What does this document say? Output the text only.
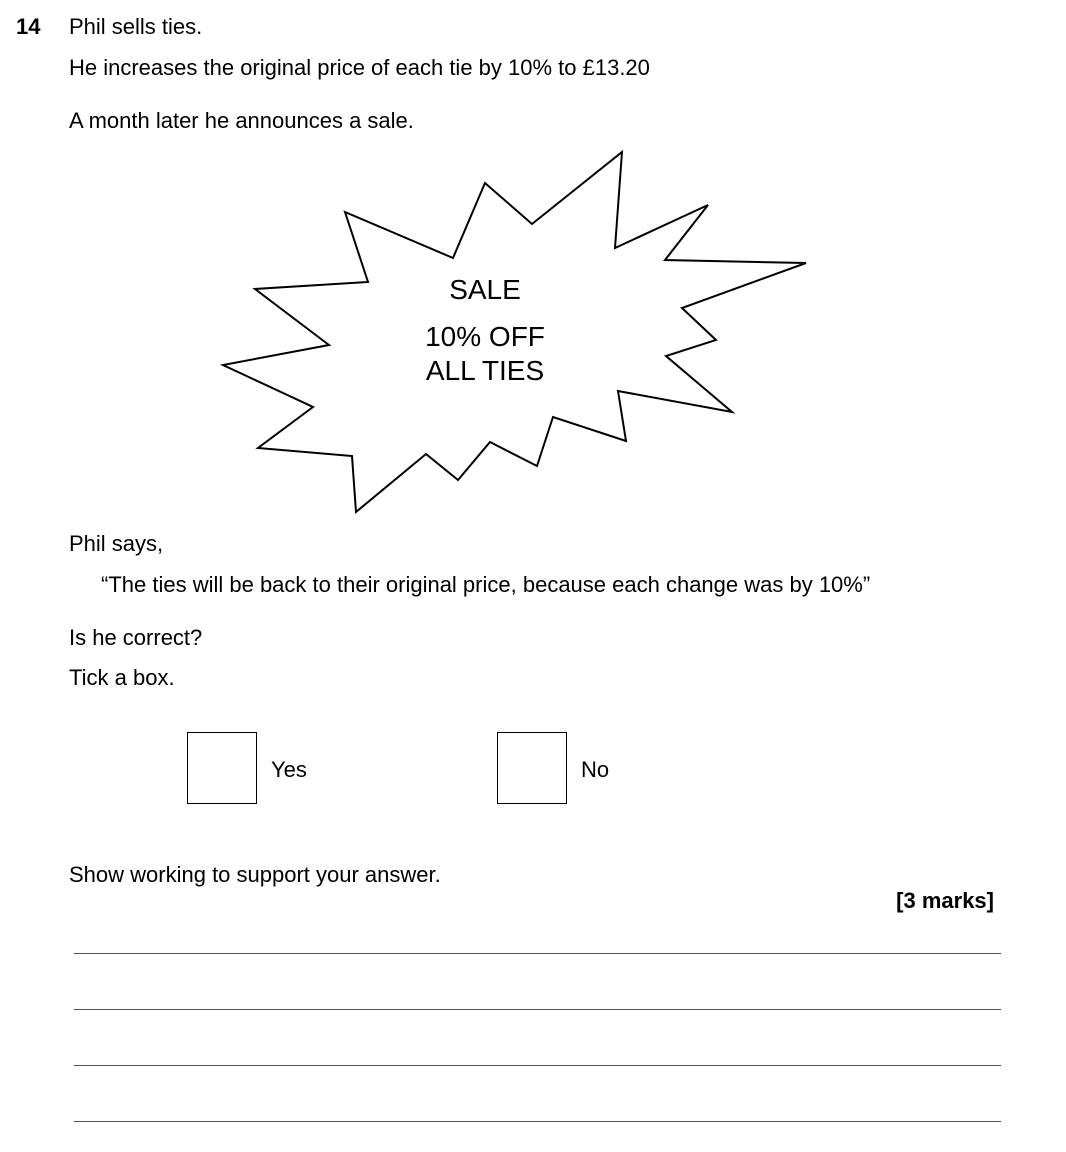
14 Phil sells ties.
He increases the original price of each tie by 10% to £13.20
A month later he announces a sale.
SALE
10% OFF
ALL TIES
Phil says,
“The ties will be back to their original price, because each change was by 10%”
Is he correct?
Tick a box.
Yes	No
Show working to support your answer.
[3 marks]
